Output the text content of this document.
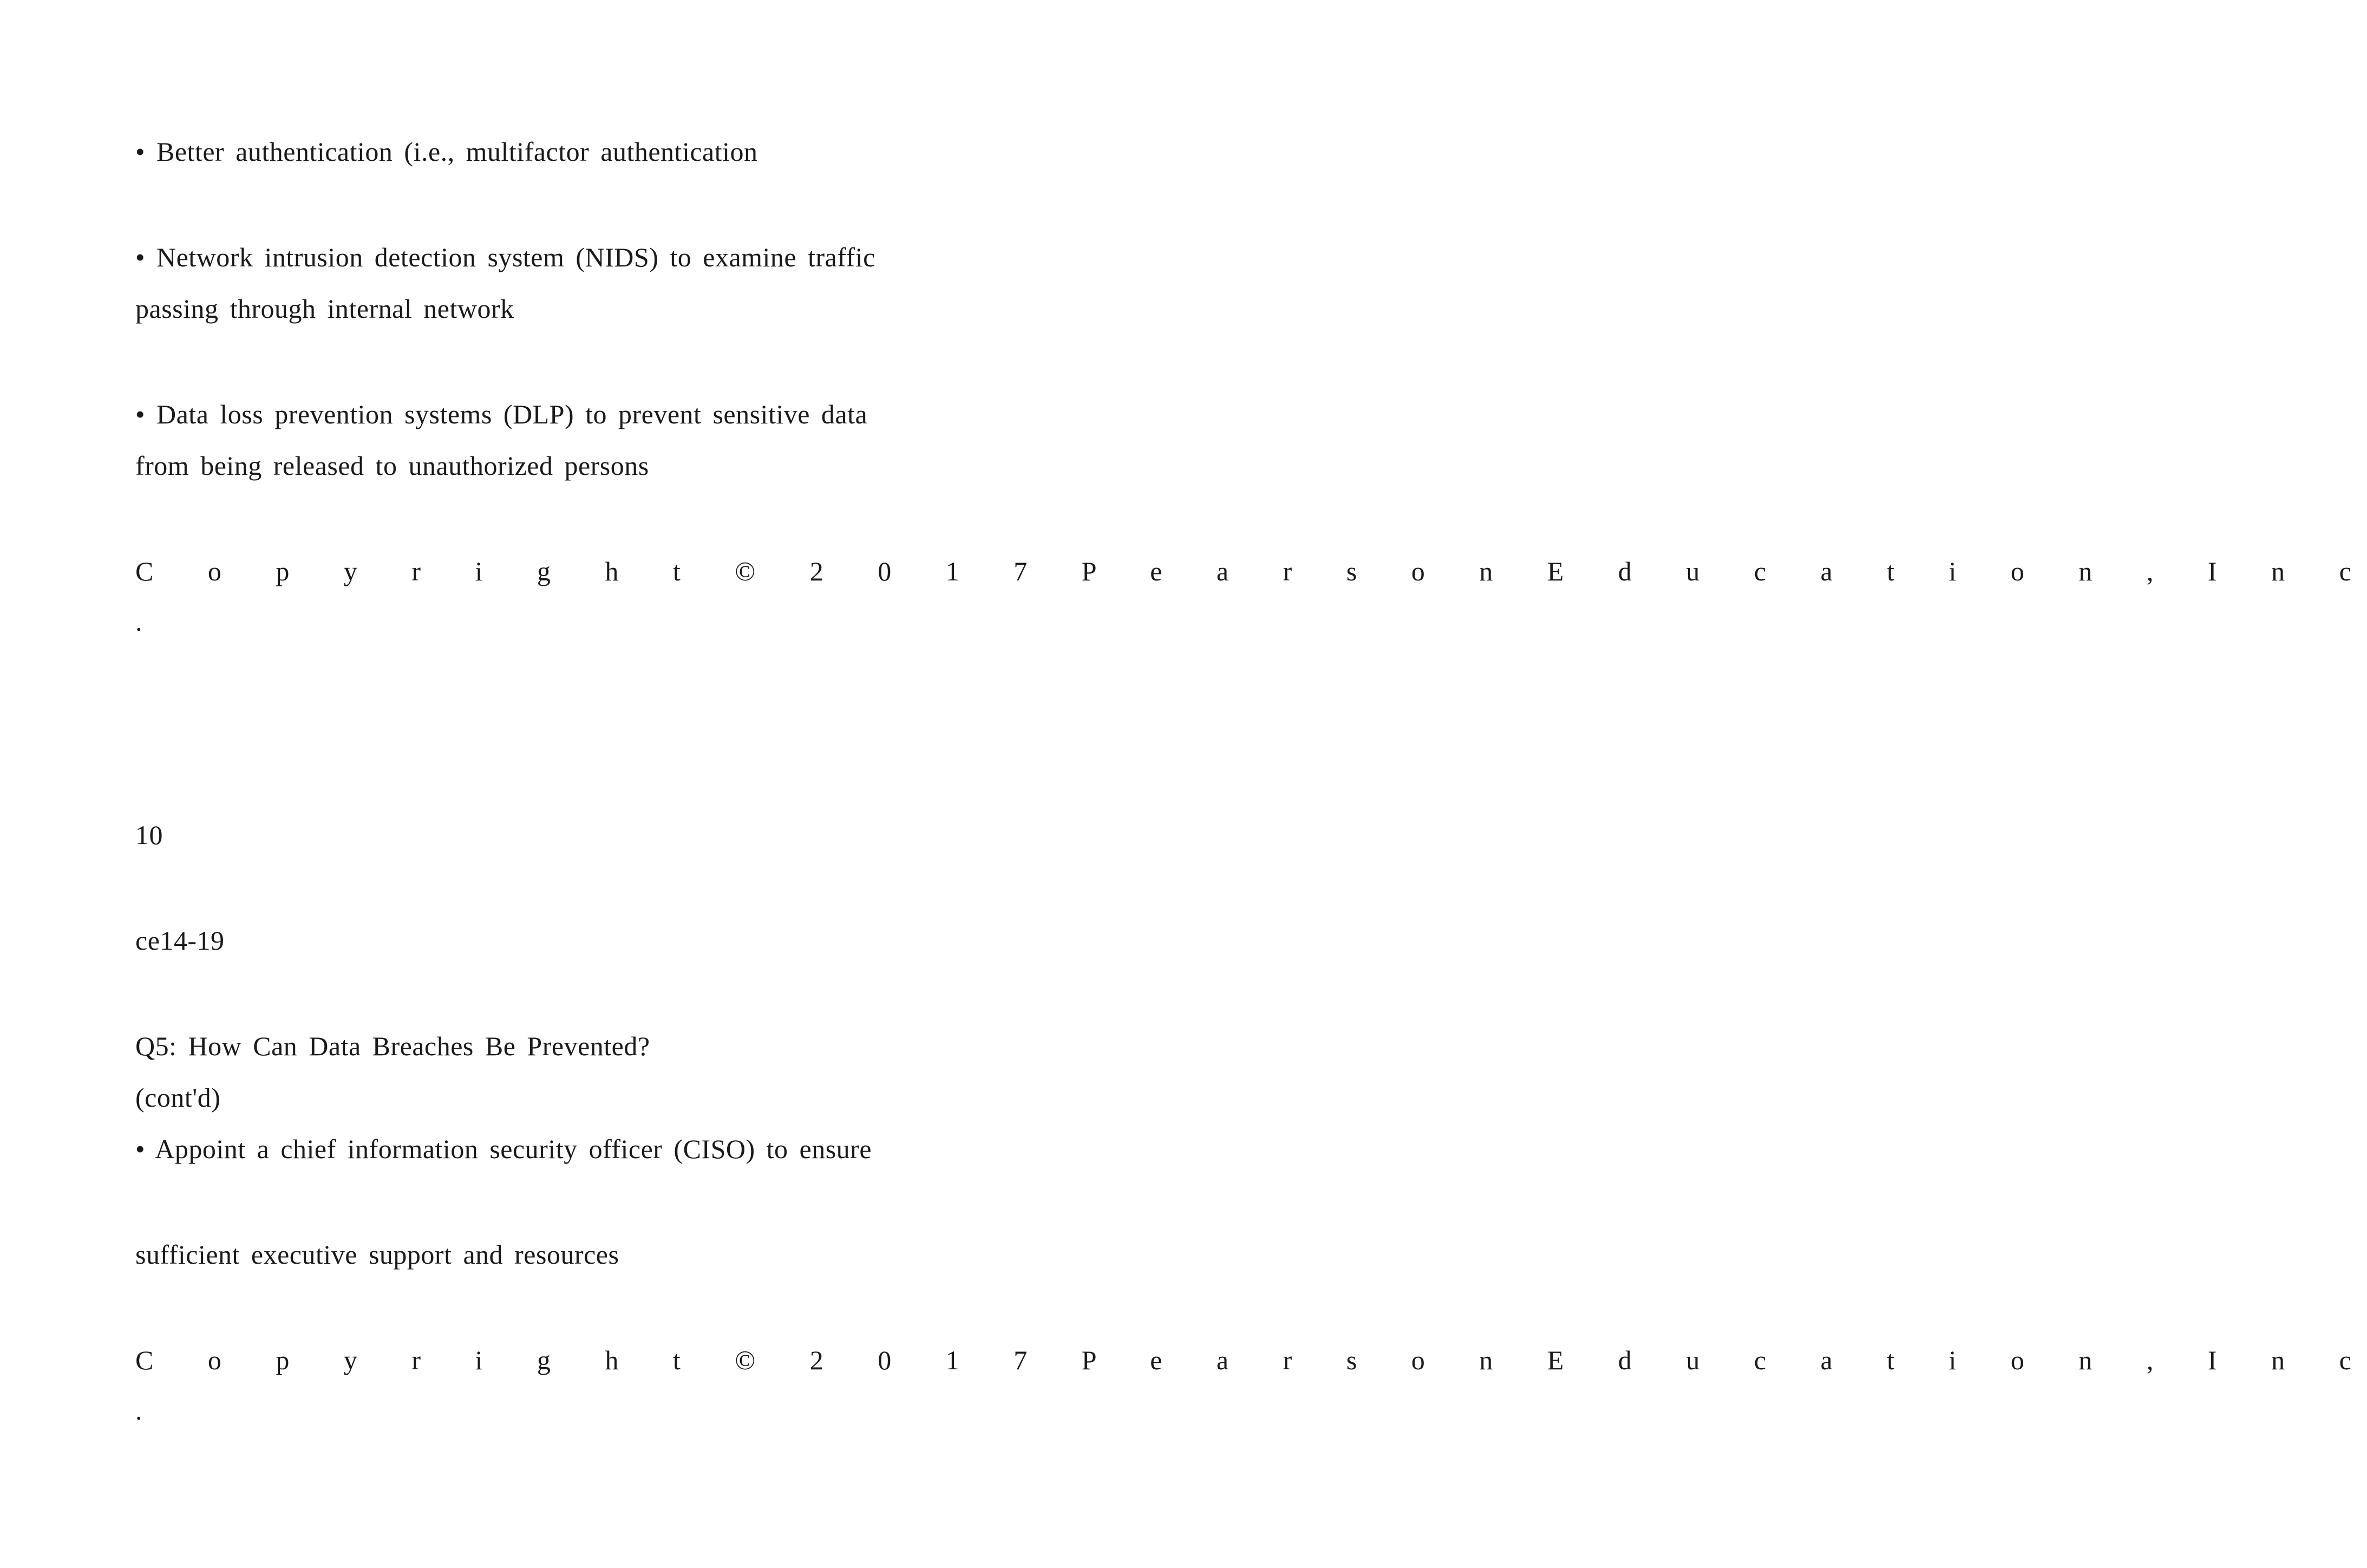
• Better authentication (i.e., multifactor authentication
• Network intrusion detection system (NIDS) to examine traffic
passing through internal network
• Data loss prevention systems (DLP) to prevent sensitive data
from being released to unauthorized persons
C o p y r i g h t © 2 0 1 7 P e a r s o n E d u c a t i o n , I n c
.
10
ce14-19
Q5: How Can Data Breaches Be Prevented?
(cont'd)
• Appoint a chief information security officer (CISO) to ensure
sufficient executive support and resources
C o p y r i g h t © 2 0 1 7 P e a r s o n E d u c a t i o n , I n c
.
